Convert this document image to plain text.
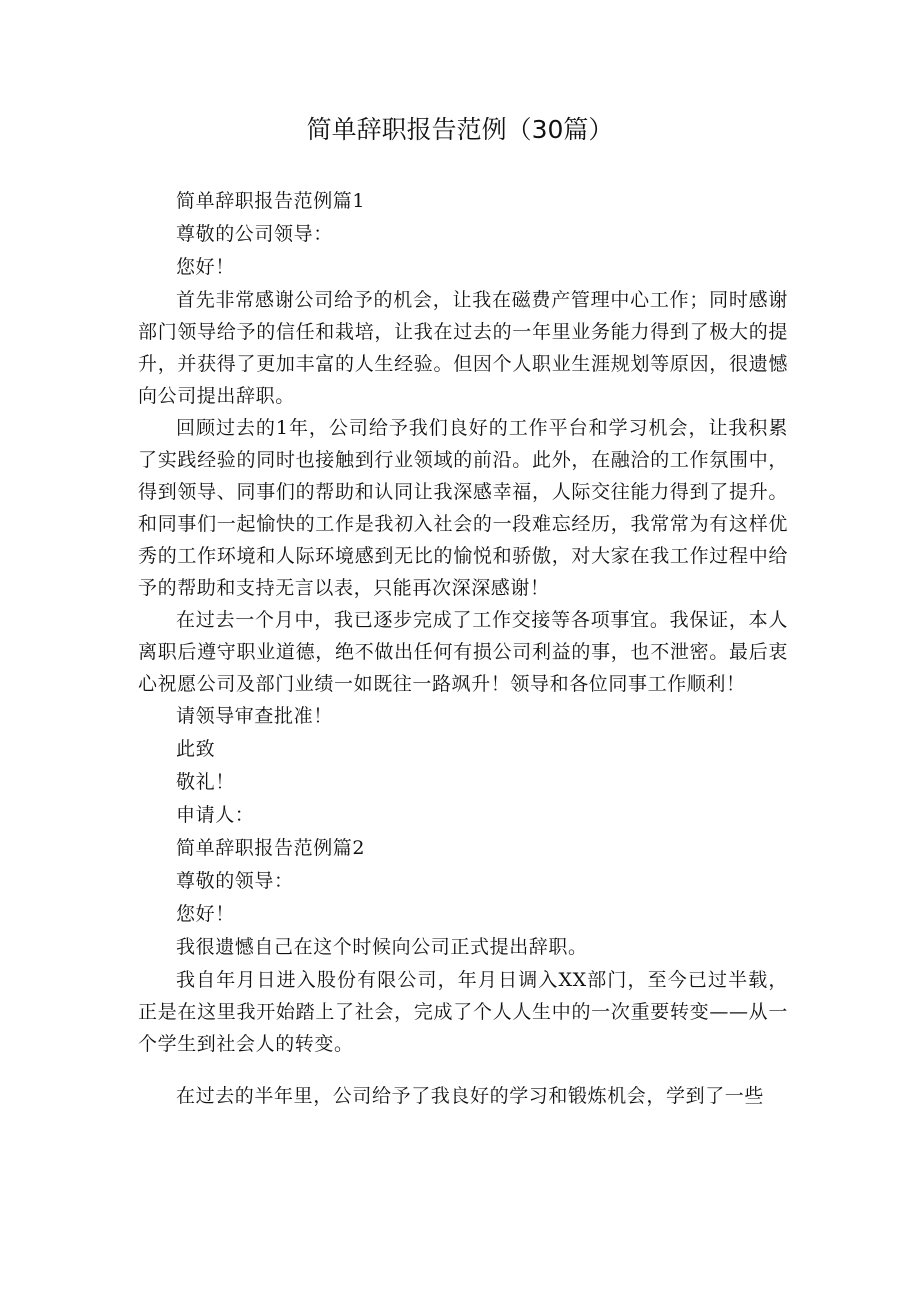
简单辞职报告范例（30篇）

简单辞职报告范例篇1

尊敬的公司领导：

您好！

首先非常感谢公司给予的机会，让我在磁费产管理中心工作；同时感谢部门领导给予的信任和栽培，让我在过去的一年里业务能力得到了极大的提升，并获得了更加丰富的人生经验。但因个人职业生涯规划等原因，很遗憾向公司提出辞职。

回顾过去的1年，公司给予我们良好的工作平台和学习机会，让我积累了实践经验的同时也接触到行业领域的前沿。此外，在融洽的工作氛围中，得到领导、同事们的帮助和认同让我深感幸福，人际交往能力得到了提升。和同事们一起愉快的工作是我初入社会的一段难忘经历，我常常为有这样优秀的工作环境和人际环境感到无比的愉悦和骄傲，对大家在我工作过程中给予的帮助和支持无言以表，只能再次深深感谢！

在过去一个月中，我已逐步完成了工作交接等各项事宜。我保证，本人离职后遵守职业道德，绝不做出任何有损公司利益的事，也不泄密。最后衷心祝愿公司及部门业绩一如既往一路飒升！领导和各位同事工作顺利！

请领导审查批准！

此致

敬礼！

申请人：

简单辞职报告范例篇2

尊敬的领导：

您好！

我很遗憾自己在这个时候向公司正式提出辞职。

我自年月日进入股份有限公司，年月日调入XX部门，至今已过半载，正是在这里我开始踏上了社会，完成了个人人生中的一次重要转变——从一个学生到社会人的转变。

在过去的半年里，公司给予了我良好的学习和锻炼机会，学到了一些
